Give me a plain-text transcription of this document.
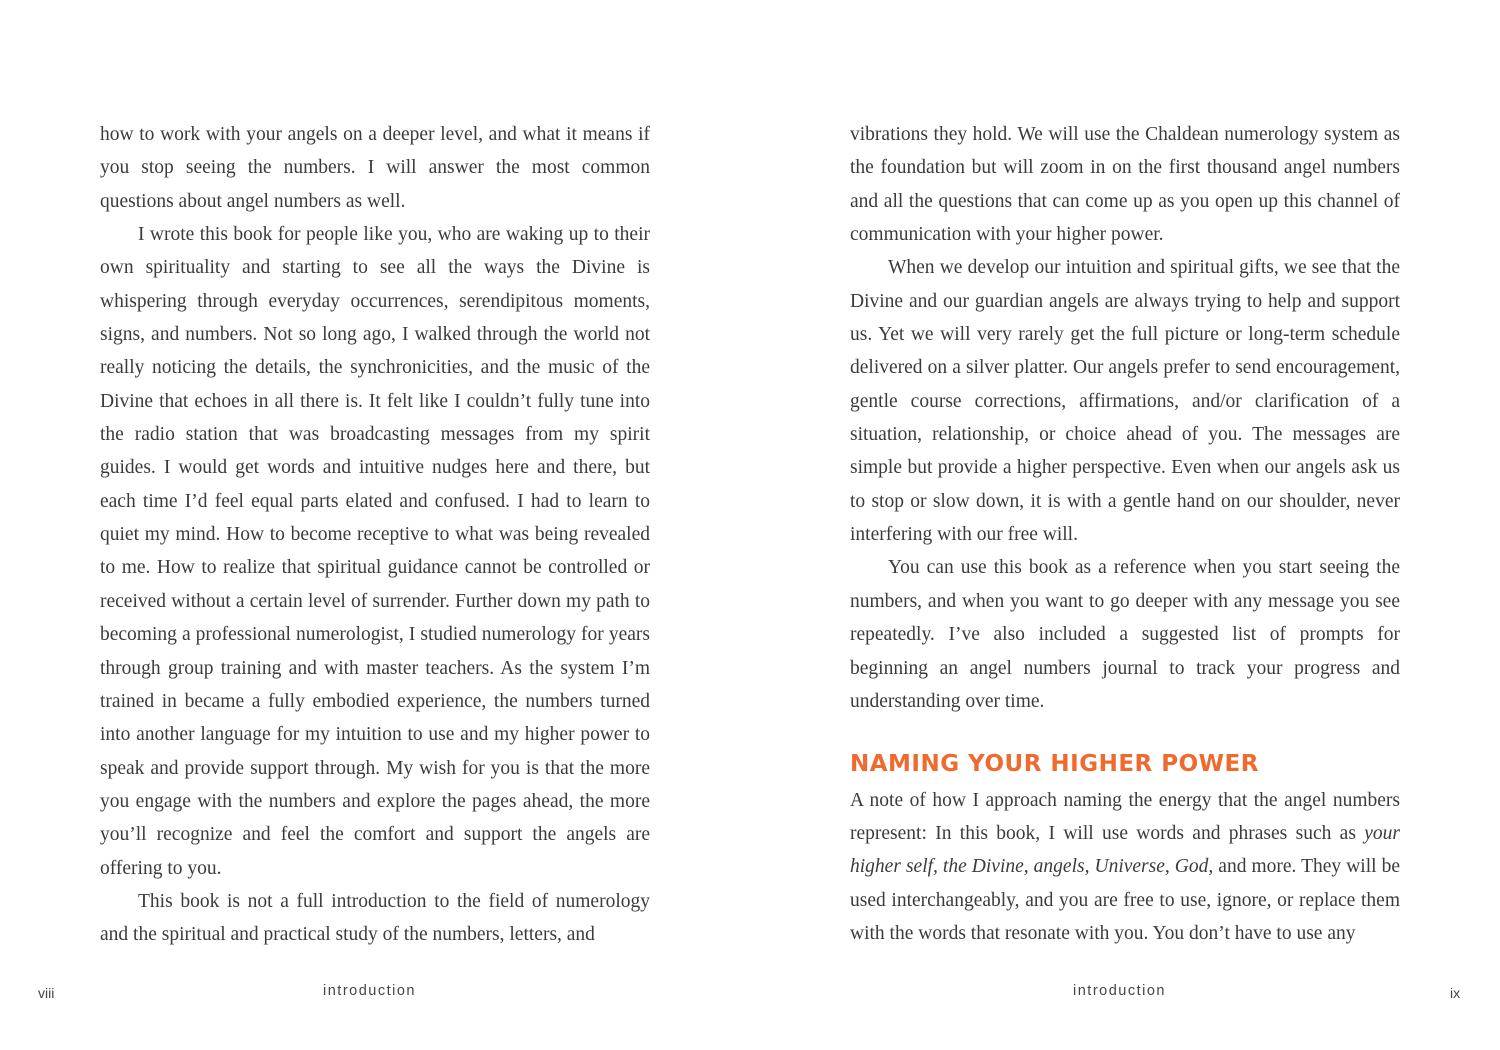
how to work with your angels on a deeper level, and what it means if you stop seeing the numbers. I will answer the most common questions about angel numbers as well.

I wrote this book for people like you, who are waking up to their own spirituality and starting to see all the ways the Divine is whispering through everyday occurrences, serendipitous moments, signs, and numbers. Not so long ago, I walked through the world not really noticing the details, the synchronicities, and the music of the Divine that echoes in all there is. It felt like I couldn’t fully tune into the radio station that was broadcasting messages from my spirit guides. I would get words and intuitive nudges here and there, but each time I’d feel equal parts elated and confused. I had to learn to quiet my mind. How to become receptive to what was being revealed to me. How to realize that spiritual guidance cannot be controlled or received without a certain level of surrender. Further down my path to becoming a professional numerologist, I studied numerology for years through group training and with master teachers. As the system I’m trained in became a fully embodied experience, the numbers turned into another language for my intuition to use and my higher power to speak and provide support through. My wish for you is that the more you engage with the numbers and explore the pages ahead, the more you’ll recognize and feel the comfort and support the angels are offering to you.

This book is not a full introduction to the field of numerology and the spiritual and practical study of the numbers, letters, and

viii	introduction

vibrations they hold. We will use the Chaldean numerology system as the foundation but will zoom in on the first thousand angel numbers and all the questions that can come up as you open up this channel of communication with your higher power.

When we develop our intuition and spiritual gifts, we see that the Divine and our guardian angels are always trying to help and support us. Yet we will very rarely get the full picture or long-term schedule delivered on a silver platter. Our angels prefer to send encouragement, gentle course corrections, affirmations, and/or clarification of a situation, relationship, or choice ahead of you. The messages are simple but provide a higher perspective. Even when our angels ask us to stop or slow down, it is with a gentle hand on our shoulder, never interfering with our free will.

You can use this book as a reference when you start seeing the numbers, and when you want to go deeper with any message you see repeatedly. I’ve also included a suggested list of prompts for beginning an angel numbers journal to track your progress and understanding over time.

NAMING YOUR HIGHER POWER

A note of how I approach naming the energy that the angel numbers represent: In this book, I will use words and phrases such as your higher self, the Divine, angels, Universe, God, and more. They will be used interchangeably, and you are free to use, ignore, or replace them with the words that resonate with you. You don’t have to use any

introduction	ix
